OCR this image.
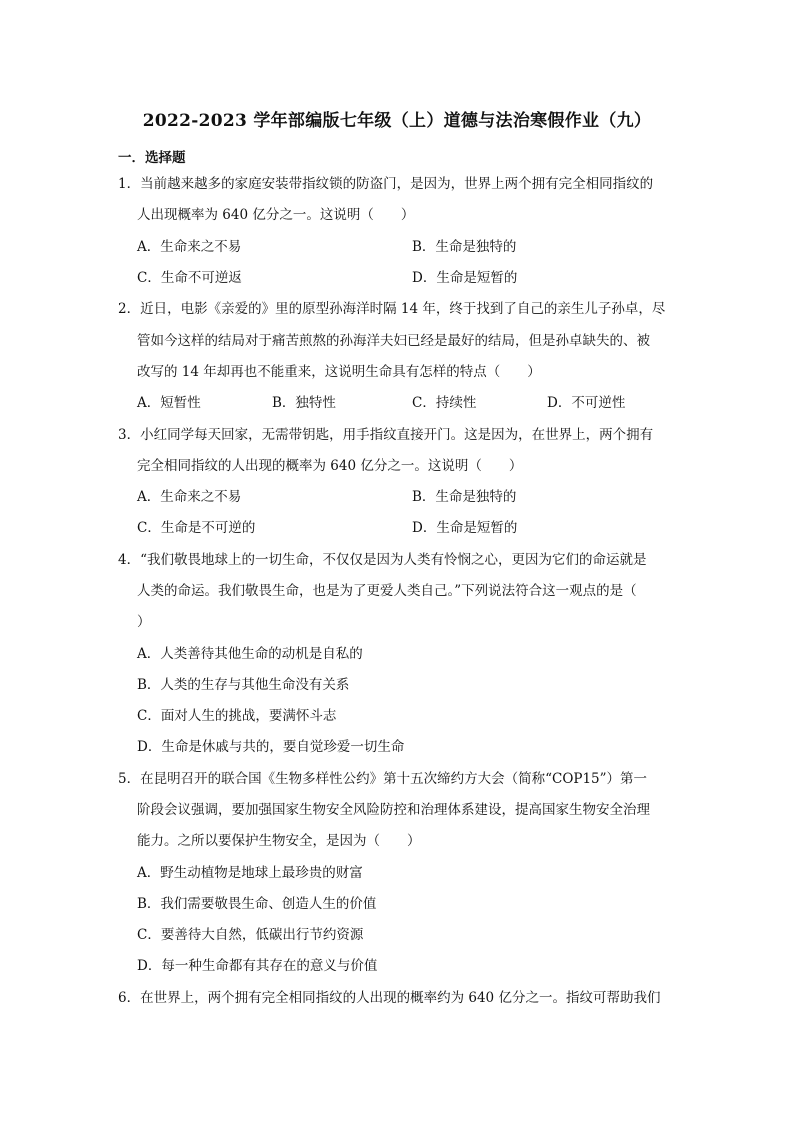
2022-2023 学年部编版七年级（上）道德与法治寒假作业（九）
一．选择题
1．当前越来越多的家庭安装带指纹锁的防盗门，是因为，世界上两个拥有完全相同指纹的
人出现概率为 640 亿分之一。这说明（　　）
A．生命来之不易	B．生命是独特的
C．生命不可逆返	D．生命是短暂的
2．近日，电影《亲爱的》里的原型孙海洋时隔 14 年，终于找到了自己的亲生儿子孙卓，尽
管如今这样的结局对于痛苦煎熬的孙海洋夫妇已经是最好的结局，但是孙卓缺失的、被
改写的 14 年却再也不能重来，这说明生命具有怎样的特点（　　）
A．短暂性	B．独特性	C．持续性	D．不可逆性
3．小红同学每天回家，无需带钥匙，用手指纹直接开门。这是因为，在世界上，两个拥有
完全相同指纹的人出现的概率为 640 亿分之一。这说明（　　）
A．生命来之不易	B．生命是独特的
C．生命是不可逆的	D．生命是短暂的
4．“我们敬畏地球上的一切生命，不仅仅是因为人类有怜悯之心，更因为它们的命运就是
人类的命运。我们敬畏生命，也是为了更爱人类自己。”下列说法符合这一观点的是（
）
A．人类善待其他生命的动机是自私的
B．人类的生存与其他生命没有关系
C．面对人生的挑战，要满怀斗志
D．生命是休戚与共的，要自觉珍爱一切生命
5．在昆明召开的联合国《生物多样性公约》第十五次缔约方大会（简称“COP15”）第一
阶段会议强调，要加强国家生物安全风险防控和治理体系建设，提高国家生物安全治理
能力。之所以要保护生物安全，是因为（　　）
A．野生动植物是地球上最珍贵的财富
B．我们需要敬畏生命、创造人生的价值
C．要善待大自然，低碳出行节约资源
D．每一种生命都有其存在的意义与价值
6．在世界上，两个拥有完全相同指纹的人出现的概率约为 640 亿分之一。指纹可帮助我们
